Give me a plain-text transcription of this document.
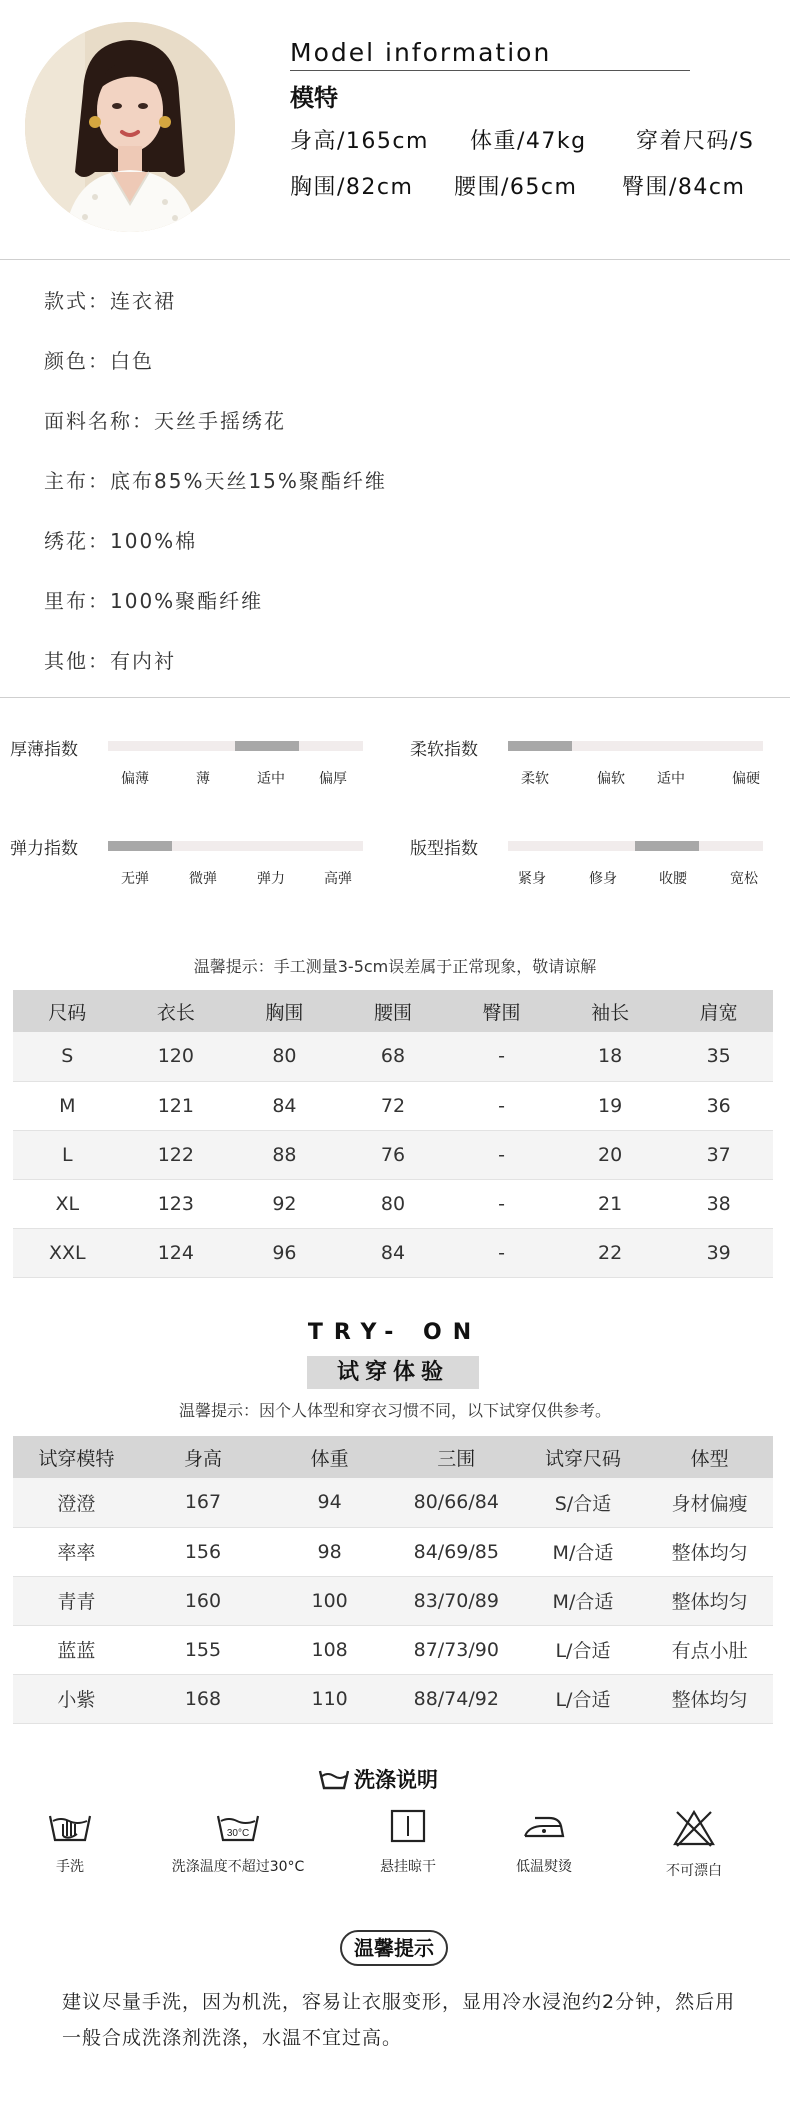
Model information
模特
身高/165cm 体重/47kg 穿着尺码/S
胸围/82cm 腰围/65cm 臀围/84cm
款式：连衣裙
颜色：白色
面料名称：天丝手摇绣花
主布：底布85%天丝15%聚酯纤维
绣花：100%棉
里布：100%聚酯纤维
其他：有内衬
厚薄指数
偏薄	薄	适中 偏厚
柔软指数
柔软	偏软 适中	偏硬
弹力指数
无弹	微弹	弹力	高弹
版型指数
紧身	修身	收腰	宽松
温馨提示：手工测量3-5cm误差属于正常现象，敬请谅解
尺码	衣长	胸围	腰围	臀围	袖长	肩宽
S	120	80	68	-	18	35
M	121	84	72	-	19	36
L	122	88	76	-	20	37
XL	123	92	80	-	21	38
XXL	124	96	84	-	22	39
TRY- ON
试穿体验
温馨提示：因个人体型和穿衣习惯不同，以下试穿仅供参考。
试穿模特	身高	体重	三围	试穿尺码	体型
澄澄	167	94	80/66/84	S/合适	身材偏瘦
率率	156	98	84/69/85	M/合适	整体均匀
青青	160	100	83/70/89	M/合适	整体均匀
蓝蓝	155	108	87/73/90	L/合适	有点小肚
小紫	168	110	88/74/92	L/合适	整体均匀
洗涤说明
手洗
30°C
洗涤温度不超过30°C	悬挂晾干	低温熨烫	不可漂白
温馨提示
建议尽量手洗，因为机洗，容易让衣服变形，显用冷水浸泡约2分钟，然后用一般合成洗涤剂洗涤，水温不宜过高。
